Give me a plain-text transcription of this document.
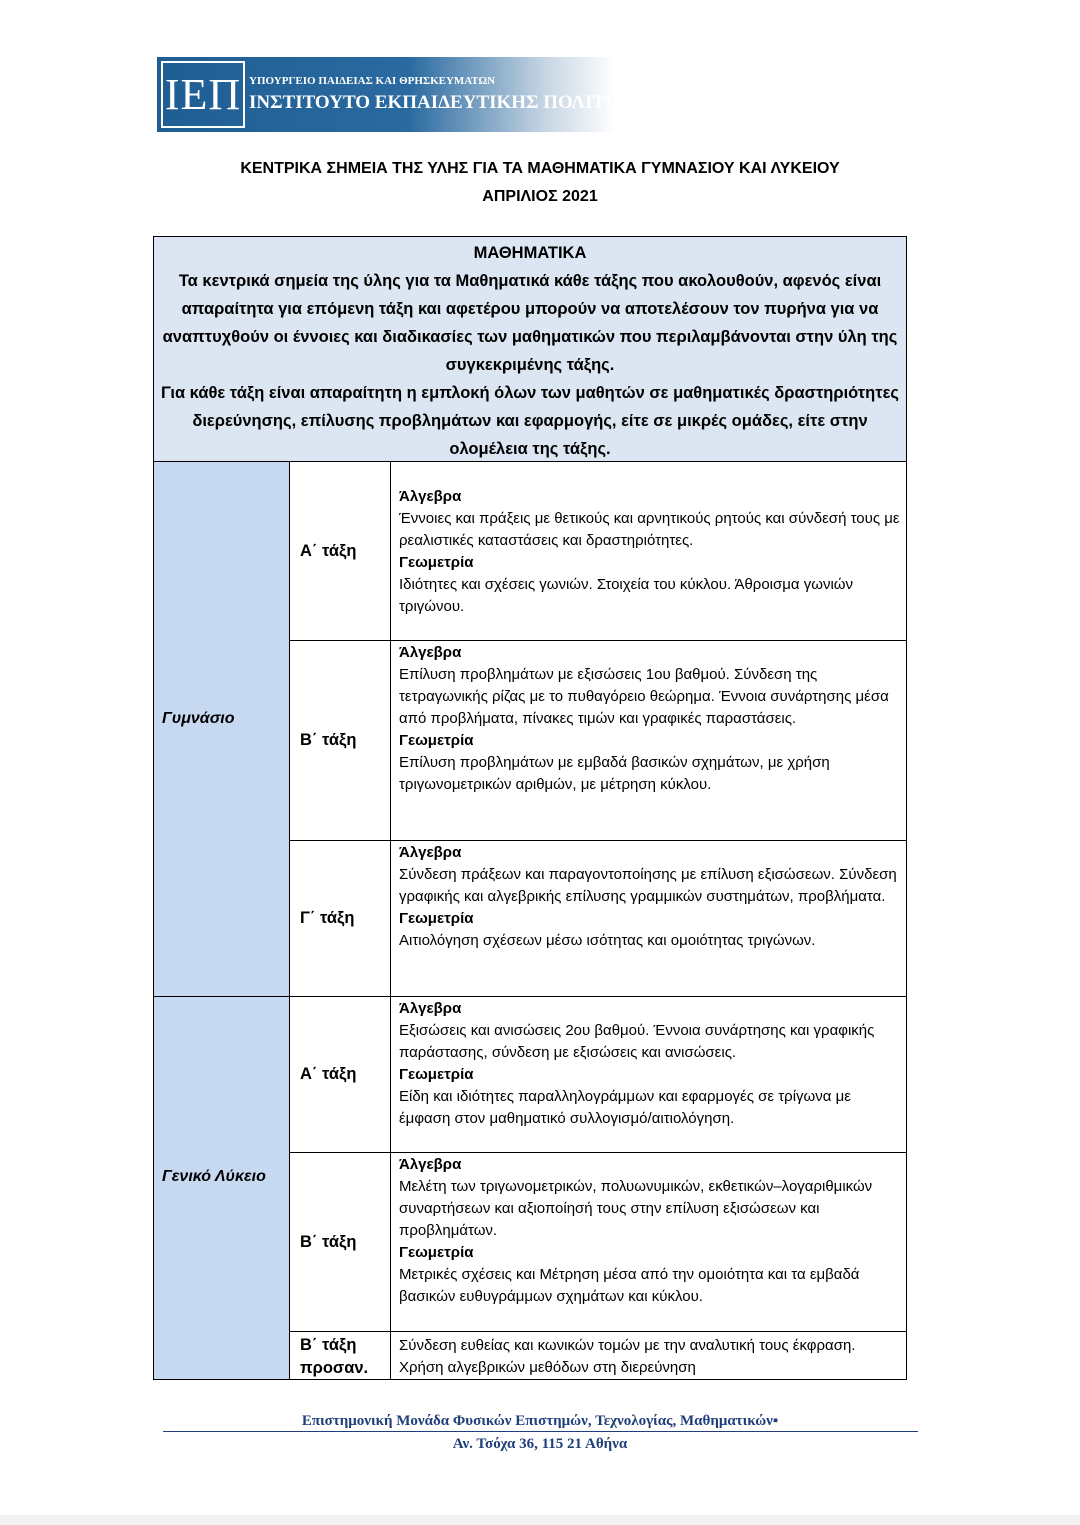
ΙΕΠ ΥΠΟΥΡΓΕΙΟ ΠΑΙΔΕΙΑΣ ΚΑΙ ΘΡΗΣΚΕΥΜΑΤΩΝ
ΙΝΣΤΙΤΟΥΤΟ ΕΚΠΑΙΔΕΥΤΙΚΗΣ ΠΟΛΙΤΙΚΗΣ
ΚΕΝΤΡΙΚΑ ΣΗΜΕΙΑ ΤΗΣ ΥΛΗΣ ΓΙΑ ΤΑ ΜΑΘΗΜΑΤΙΚΑ ΓΥΜΝΑΣΙΟΥ ΚΑΙ ΛΥΚΕΙΟΥ
ΑΠΡΙΛΙΟΣ 2021
ΜΑΘΗΜΑΤΙΚΑ
Τα κεντρικά σημεία της ύλης για τα Μαθηματικά κάθε τάξης που ακολουθούν, αφενός είναι απαραίτητα για επόμενη τάξη και αφετέρου μπορούν να αποτελέσουν τον πυρήνα για να αναπτυχθούν οι έννοιες και διαδικασίες των μαθηματικών που περιλαμβάνονται στην ύλη της συγκεκριμένης τάξης.
Για κάθε τάξη είναι απαραίτητη η εμπλοκή όλων των μαθητών σε μαθηματικές δραστηριότητες διερεύνησης, επίλυσης προβλημάτων και εφαρμογής, είτε σε μικρές ομάδες, είτε στην ολομέλεια της τάξης.
Γυμνάσιο
Γενικό Λύκειο
Α΄ τάξη
Άλγεβρα
Έννοιες και πράξεις με θετικούς και αρνητικούς ρητούς και σύνδεσή τους με ρεαλιστικές καταστάσεις και δραστηριότητες.
Γεωμετρία
Ιδιότητες και σχέσεις γωνιών. Στοιχεία του κύκλου. Άθροισμα γωνιών τριγώνου.
Β΄ τάξη
Άλγεβρα
Επίλυση προβλημάτων με εξισώσεις 1ου βαθμού. Σύνδεση της τετραγωνικής ρίζας με το πυθαγόρειο θεώρημα. Έννοια συνάρτησης μέσα από προβλήματα, πίνακες τιμών και γραφικές παραστάσεις.
Γεωμετρία
Επίλυση προβλημάτων με εμβαδά βασικών σχημάτων, με χρήση τριγωνομετρικών αριθμών, με μέτρηση κύκλου.
Γ΄ τάξη
Άλγεβρα
Σύνδεση πράξεων και παραγοντοποίησης με επίλυση εξισώσεων. Σύνδεση γραφικής και αλγεβρικής επίλυσης γραμμικών συστημάτων, προβλήματα.
Γεωμετρία
Αιτιολόγηση σχέσεων μέσω ισότητας και ομοιότητας τριγώνων.
Α΄ τάξη
Άλγεβρα
Εξισώσεις και ανισώσεις 2ου βαθμού. Έννοια συνάρτησης και γραφικής παράστασης, σύνδεση με εξισώσεις και ανισώσεις.
Γεωμετρία
Είδη και ιδιότητες παραλληλογράμμων και εφαρμογές σε τρίγωνα με έμφαση στον μαθηματικό συλλογισμό/αιτιολόγηση.
Β΄ τάξη
Άλγεβρα
Μελέτη των τριγωνομετρικών, πολυωνυμικών, εκθετικών–λογαριθμικών συναρτήσεων και αξιοποίησή τους στην επίλυση εξισώσεων και προβλημάτων.
Γεωμετρία
Μετρικές σχέσεις και Μέτρηση μέσα από την ομοιότητα και τα εμβαδά βασικών ευθυγράμμων σχημάτων και κύκλου.
Β΄ τάξη
προσαν.
Σύνδεση ευθείας και κωνικών τομών με την αναλυτική τους έκφραση. Χρήση αλγεβρικών μεθόδων στη διερεύνηση
Επιστημονική Μονάδα Φυσικών Επιστημών, Τεχνολογίας, Μαθηματικών▪
Αν. Τσόχα 36, 115 21 Αθήνα
